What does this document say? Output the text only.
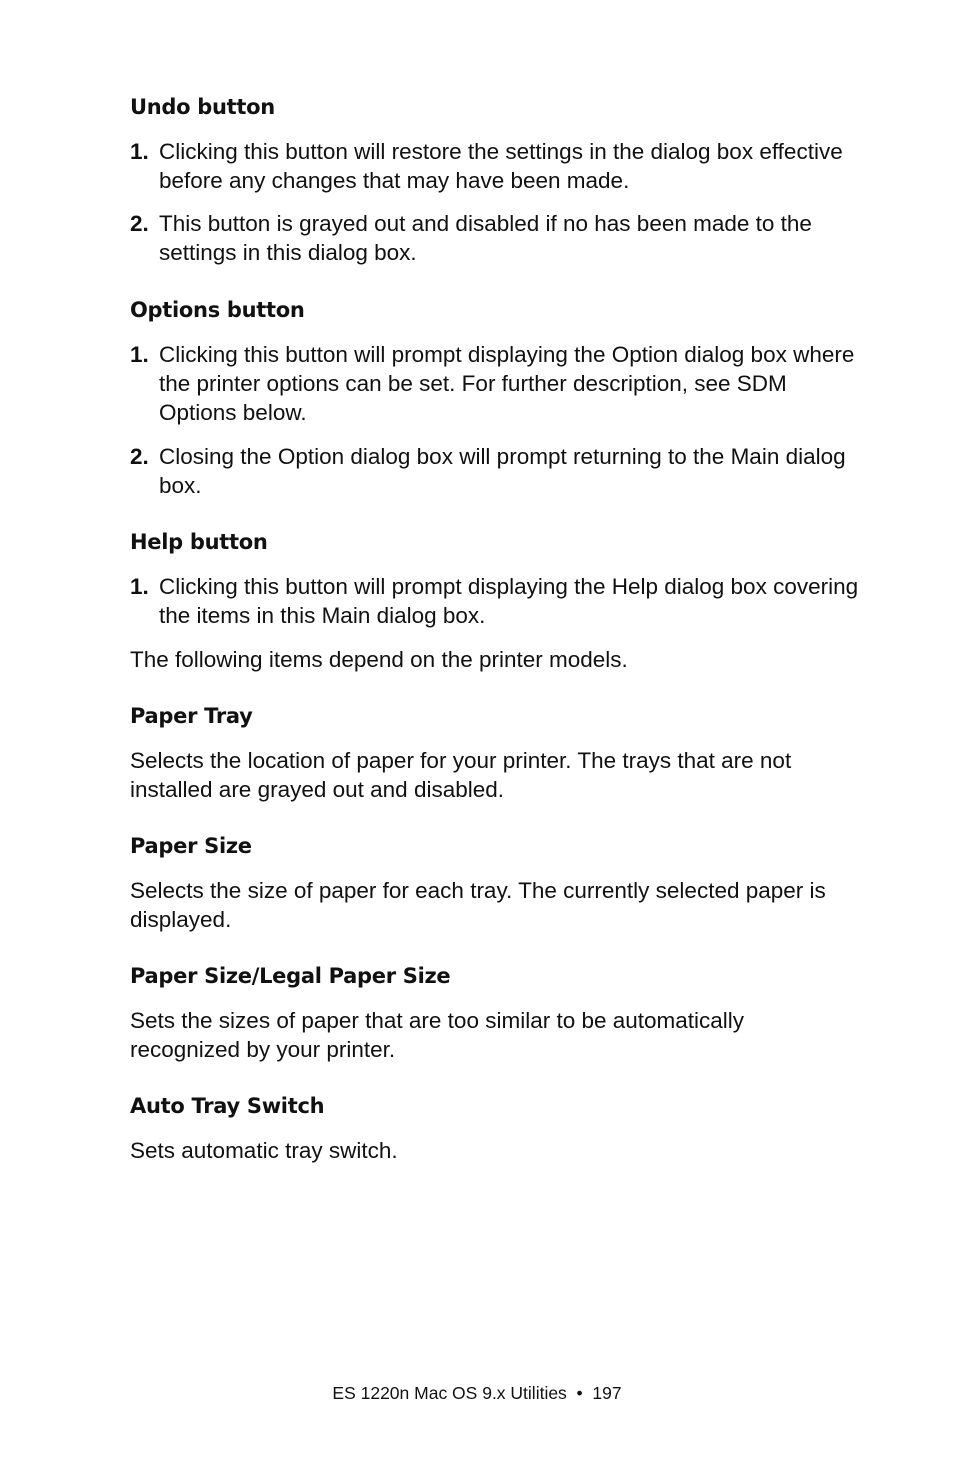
Undo button
1. Clicking this button will restore the settings in the dialog box effective before any changes that may have been made.
2. This button is grayed out and disabled if no has been made to the settings in this dialog box.
Options button
1. Clicking this button will prompt displaying the Option dialog box where the printer options can be set. For further description, see SDM Options below.
2. Closing the Option dialog box will prompt returning to the Main dialog box.
Help button
1. Clicking this button will prompt displaying the Help dialog box covering the items in this Main dialog box.

The following items depend on the printer models.

Paper Tray

Selects the location of paper for your printer. The trays that are not installed are grayed out and disabled.

Paper Size

Selects the size of paper for each tray. The currently selected paper is displayed.

Paper Size/Legal Paper Size

Sets the sizes of paper that are too similar to be automatically recognized by your printer.

Auto Tray Switch

Sets automatic tray switch.

ES 1220n Mac OS 9.x Utilities  •  197
